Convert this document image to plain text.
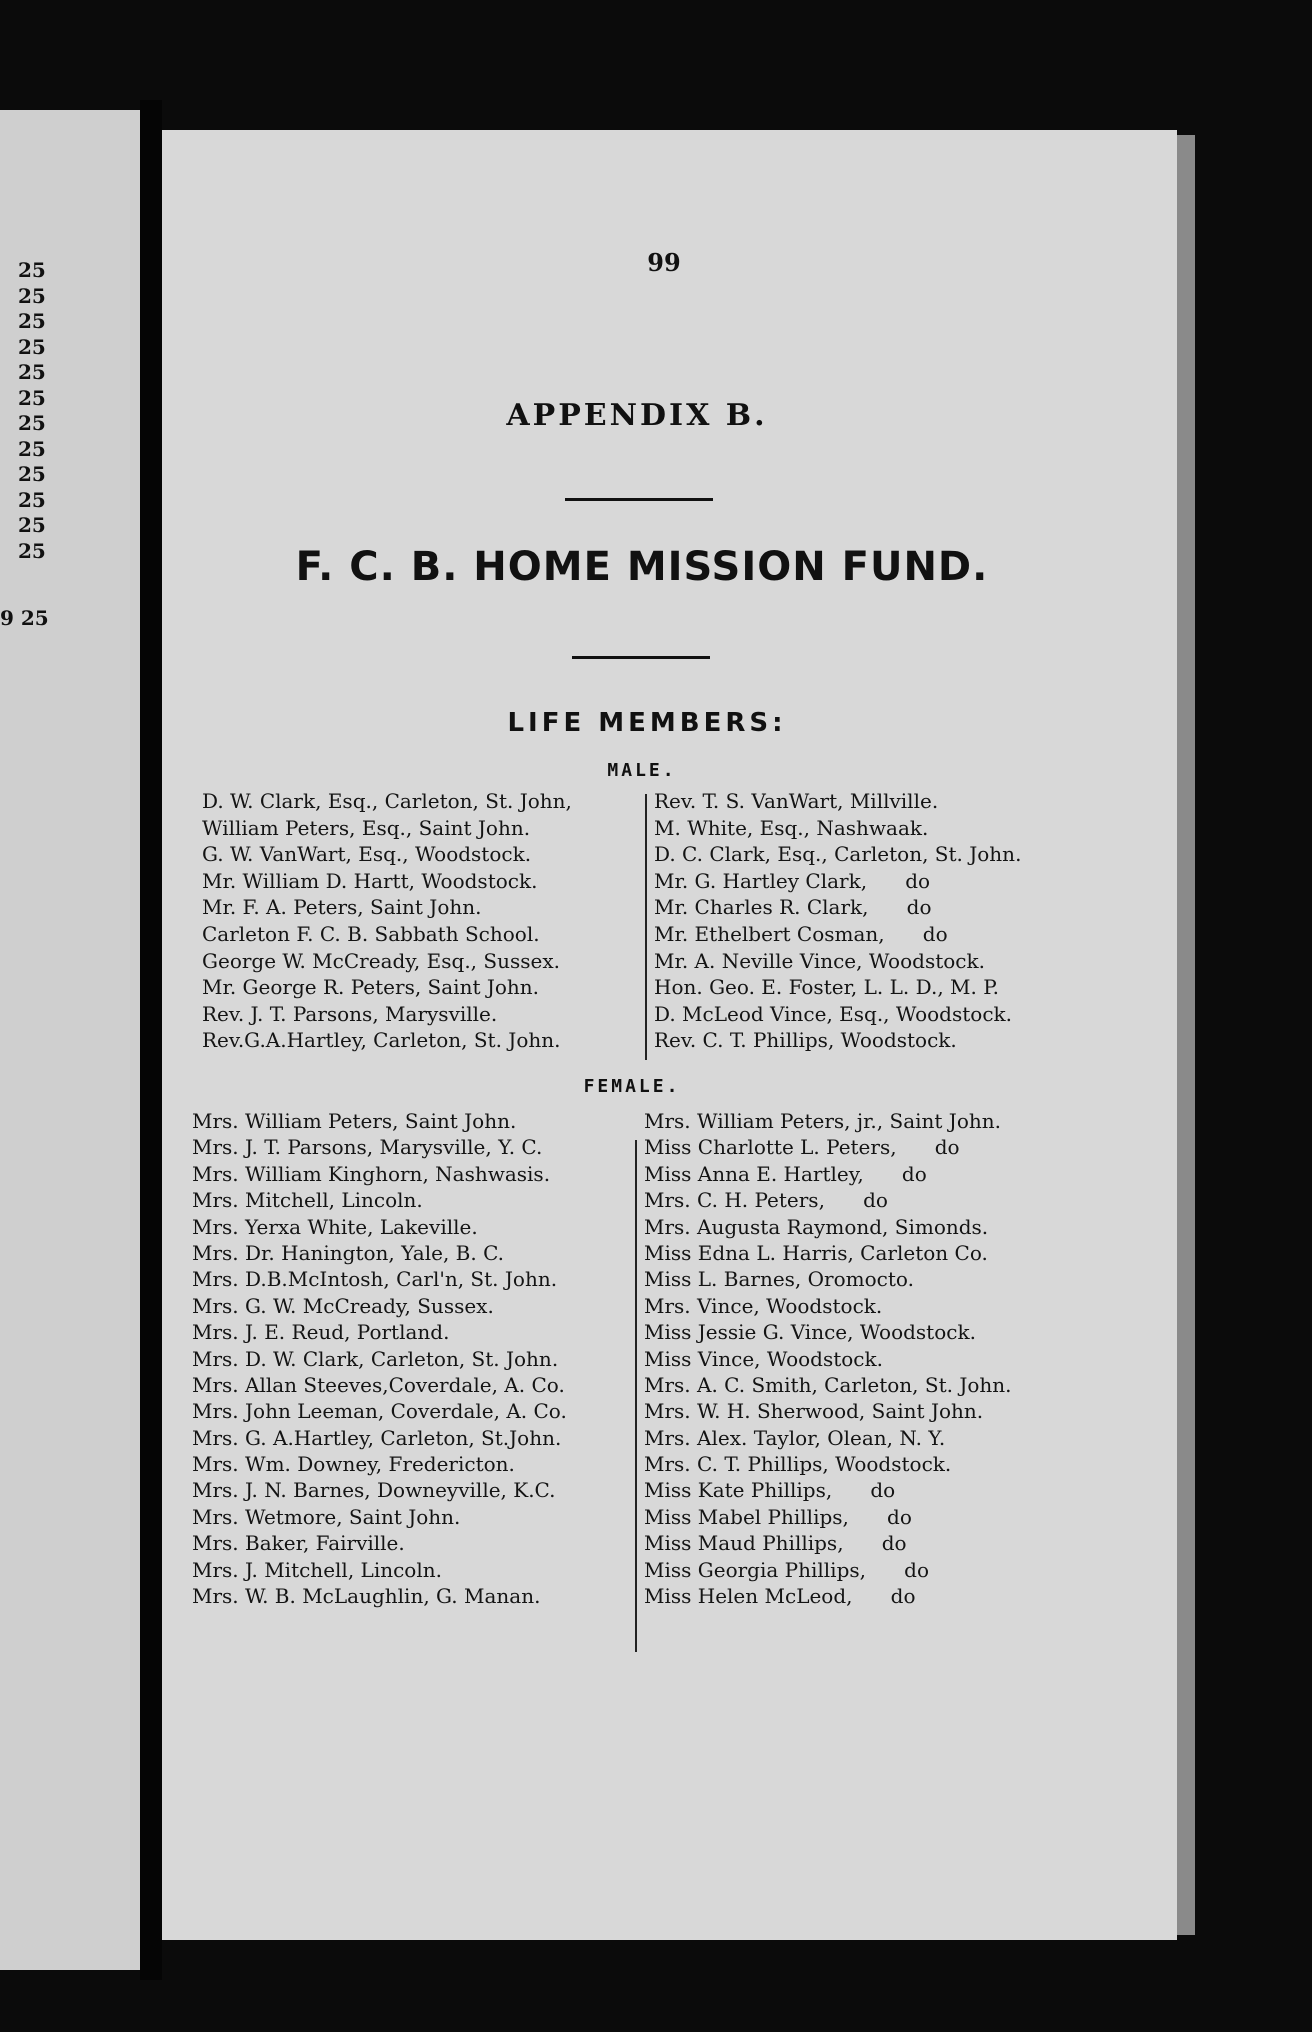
25
25
25
25
25
25
25
25
25
25
25
25
9 25
99
APPENDIX B.
F. C. B. HOME MISSION FUND.
LIFE MEMBERS:
MALE.
D. W. Clark, Esq., Carleton, St. John,
William Peters, Esq., Saint John.
G. W. VanWart, Esq., Woodstock.
Mr. William D. Hartt, Woodstock.
Mr. F. A. Peters, Saint John.
Carleton F. C. B. Sabbath School.
George W. McCready, Esq., Sussex.
Mr. George R. Peters, Saint John.
Rev. J. T. Parsons, Marysville.
Rev.G.A.Hartley, Carleton, St. John.
Rev. T. S. VanWart, Millville.
M. White, Esq., Nashwaak.
D. C. Clark, Esq., Carleton, St. John.
Mr. G. Hartley Clark,      do
Mr. Charles R. Clark,      do
Mr. Ethelbert Cosman,      do
Mr. A. Neville Vince, Woodstock.
Hon. Geo. E. Foster, L. L. D., M. P.
D. McLeod Vince, Esq., Woodstock.
Rev. C. T. Phillips, Woodstock.
FEMALE.
Mrs. William Peters, Saint John.
Mrs. J. T. Parsons, Marysville, Y. C.
Mrs. William Kinghorn, Nashwasis.
Mrs. Mitchell, Lincoln.
Mrs. Yerxa White, Lakeville.
Mrs. Dr. Hanington, Yale, B. C.
Mrs. D.B.McIntosh, Carl'n, St. John.
Mrs. G. W. McCready, Sussex.
Mrs. J. E. Reud, Portland.
Mrs. D. W. Clark, Carleton, St. John.
Mrs. Allan Steeves,Coverdale, A. Co.
Mrs. John Leeman, Coverdale, A. Co.
Mrs. G. A.Hartley, Carleton, St.John.
Mrs. Wm. Downey, Fredericton.
Mrs. J. N. Barnes, Downeyville, K.C.
Mrs. Wetmore, Saint John.
Mrs. Baker, Fairville.
Mrs. J. Mitchell, Lincoln.
Mrs. W. B. McLaughlin, G. Manan.
Mrs. William Peters, jr., Saint John.
Miss Charlotte L. Peters,      do
Miss Anna E. Hartley,      do
Mrs. C. H. Peters,      do
Mrs. Augusta Raymond, Simonds.
Miss Edna L. Harris, Carleton Co.
Miss L. Barnes, Oromocto.
Mrs. Vince, Woodstock.
Miss Jessie G. Vince, Woodstock.
Miss Vince, Woodstock.
Mrs. A. C. Smith, Carleton, St. John.
Mrs. W. H. Sherwood, Saint John.
Mrs. Alex. Taylor, Olean, N. Y.
Mrs. C. T. Phillips, Woodstock.
Miss Kate Phillips,      do
Miss Mabel Phillips,      do
Miss Maud Phillips,      do
Miss Georgia Phillips,      do
Miss Helen McLeod,      do
